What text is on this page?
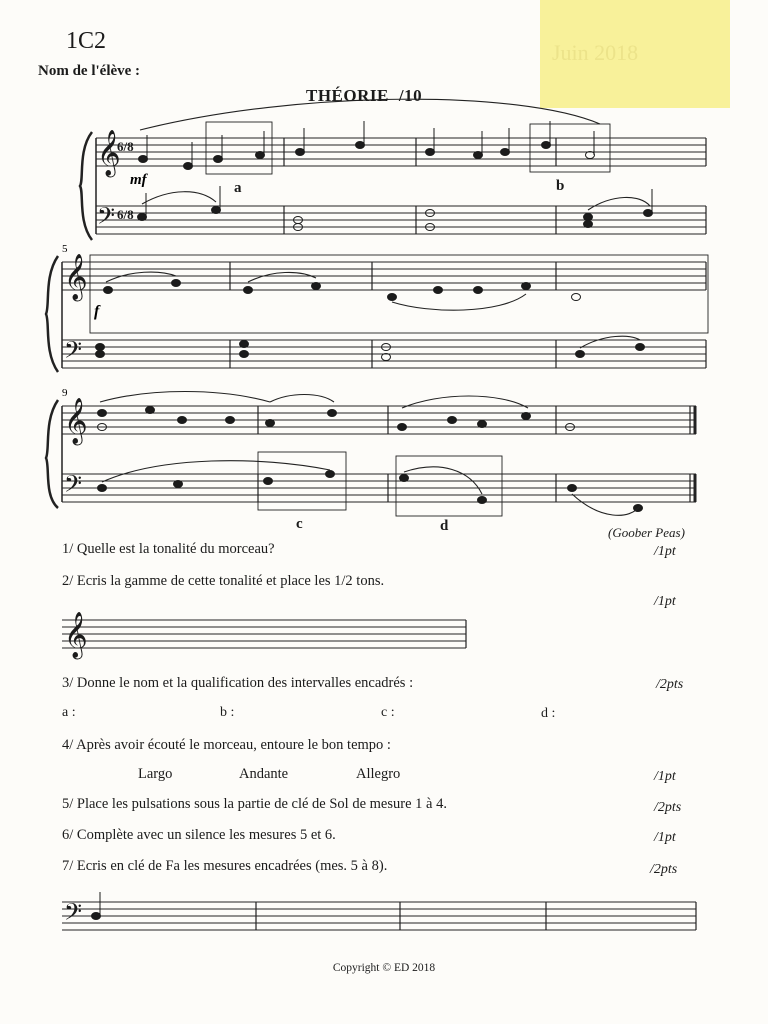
Juin 2018
1C2
Nom de l'élève :
THÉORIE /10
𝄞
𝄢
𝄞
𝄢
𝄞
𝄢
𝄞
𝄢
6/8
6/8
5
9
mf
f
a	b
c	d	(Goober Peas)
1/ Quelle est la tonalité du morceau?	/1pt
2/ Ecris la gamme de cette tonalité et place les 1/2 tons.
/1pt
3/ Donne le nom et la qualification des intervalles encadrés :	/2pts
a :	b :	c :	d :
4/ Après avoir écouté le morceau, entoure le bon tempo :
Largo	Andante	Allegro	/1pt
5/ Place les pulsations sous la partie de clé de Sol de mesure 1 à 4.	/2pts
6/ Complète avec un silence les mesures 5 et 6.	/1pt
7/ Ecris en clé de Fa les mesures encadrées (mes. 5 à 8).	/2pts
Copyright © ED 2018
